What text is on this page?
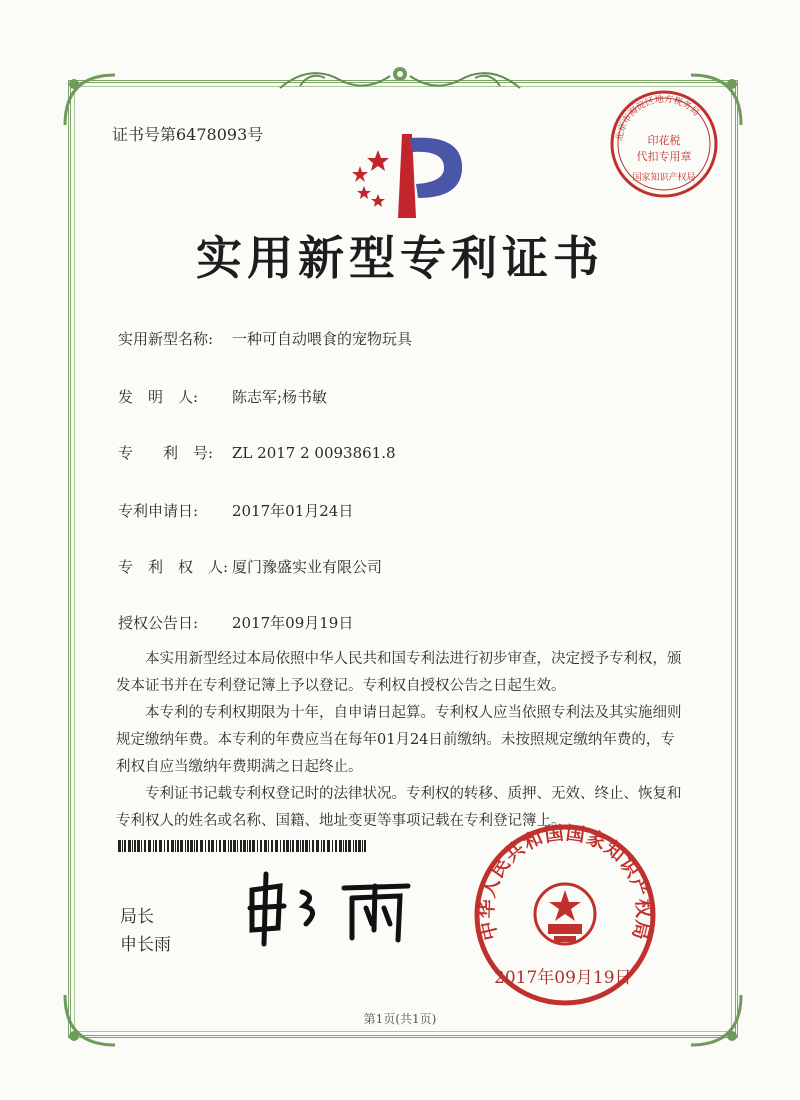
证书号第6478093号	北京市海淀区地方税务局
印花税
代扣专用章
国家知识产权局
实用新型专利证书
实用新型名称: 一种可自动喂食的宠物玩具
发　明　人: 陈志军;杨书敏
专　　利　号: ZL 2017 2 0093861.8
专利申请日: 2017年01月24日
专　利　权　人: 厦门豫盛实业有限公司
授权公告日: 2017年09月19日

本实用新型经过本局依照中华人民共和国专利法进行初步审查，决定授予专利权，颁发本证书并在专利登记簿上予以登记。专利权自授权公告之日起生效。

本专利的专利权期限为十年，自申请日起算。专利权人应当依照专利法及其实施细则规定缴纳年费。本专利的年费应当在每年01月24日前缴纳。未按照规定缴纳年费的，专利权自应当缴纳年费期满之日起终止。

专利证书记载专利权登记时的法律状况。专利权的转移、质押、无效、终止、恢复和专利权人的姓名或名称、国籍、地址变更等事项记载在专利登记簿上。

局长
申长雨
中华人民共和国国家知识产权局
2017年09月19日
第1页(共1页)
